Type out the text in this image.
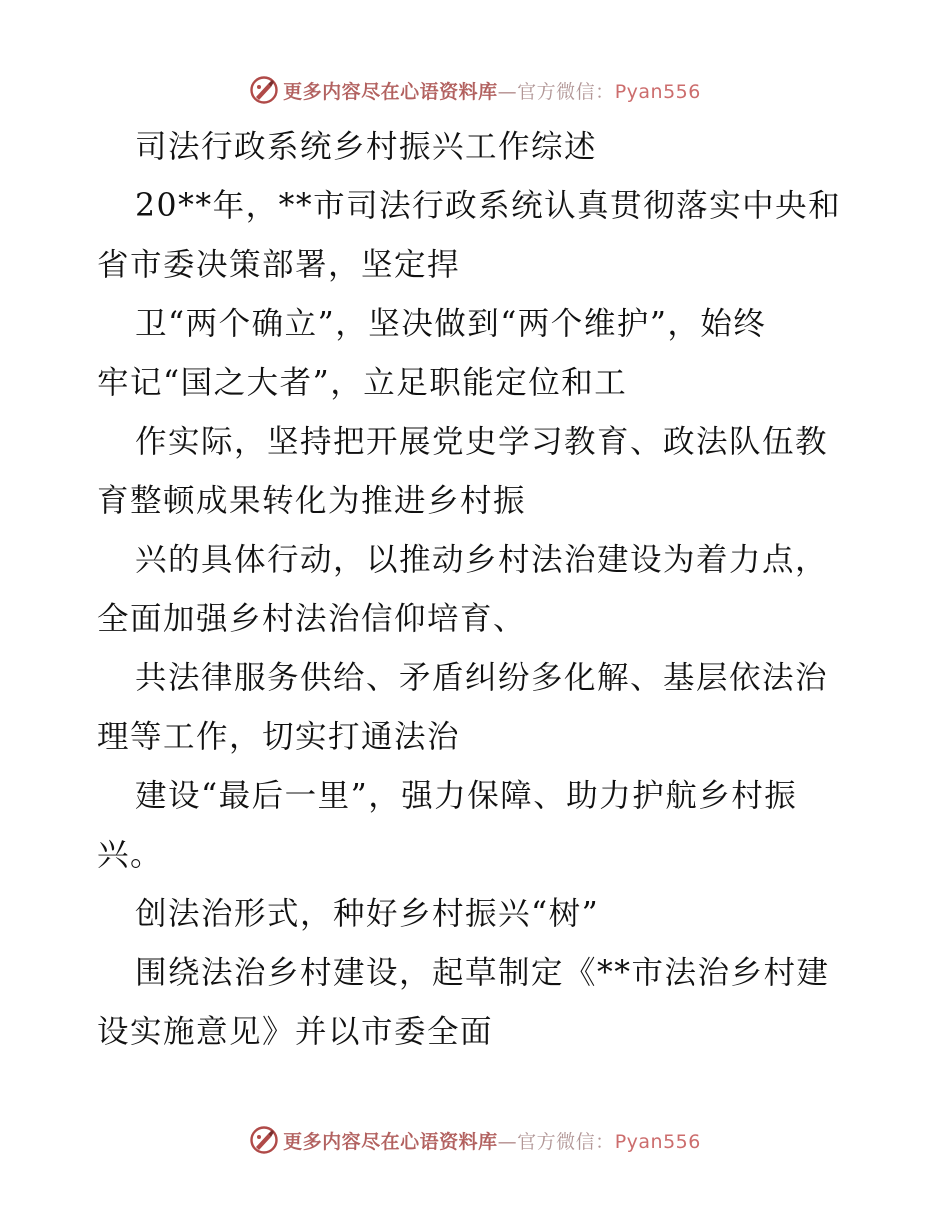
更多内容尽在心语资料库—官方微信：Pyan556
司法行政系统乡村振兴工作综述
20**年，**市司法行政系统认真贯彻落实中央和
省市委决策部署，坚定捍
卫“两个确立”，坚决做到“两个维护”，始终
牢记“国之大者”，立足职能定位和工
作实际，坚持把开展党史学习教育、政法队伍教
育整顿成果转化为推进乡村振
兴的具体行动，以推动乡村法治建设为着力点，
全面加强乡村法治信仰培育、
共法律服务供给、矛盾纠纷多化解、基层依法治
理等工作，切实打通法治
建设“最后一里”，强力保障、助力护航乡村振
兴。
创法治形式，种好乡村振兴“树”
围绕法治乡村建设，起草制定《**市法治乡村建
设实施意见》并以市委全面
更多内容尽在心语资料库—官方微信：Pyan556
